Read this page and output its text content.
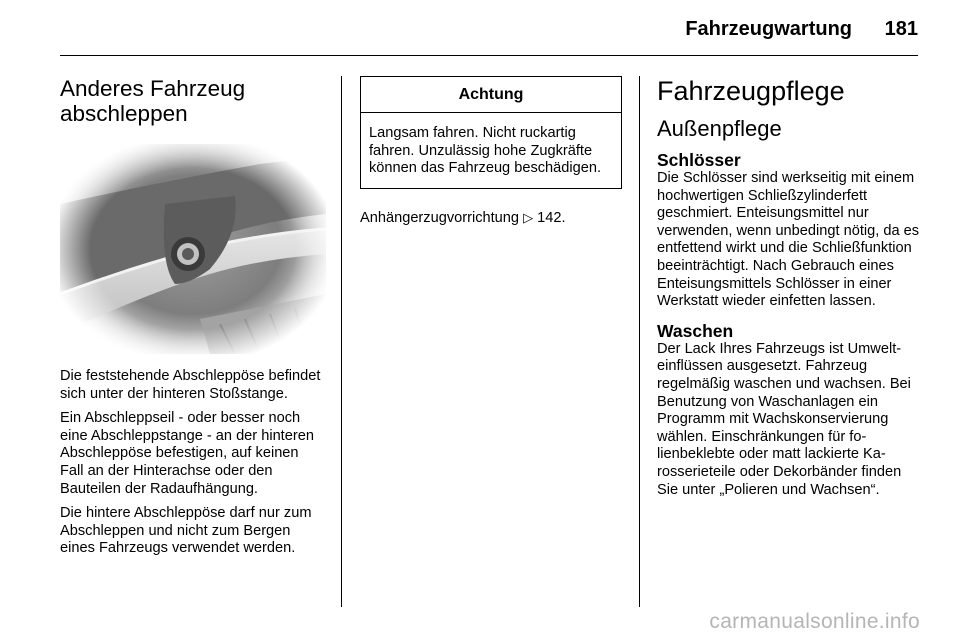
Fahrzeugwartung 181
Anderes Fahrzeug
abschleppen

Die feststehende Abschleppöse befindet sich unter der hinteren Stoßstange.

Ein Abschleppseil - oder besser noch eine Abschleppstange - an der hinteren Abschleppöse befestigen, auf keinen Fall an der Hinterachse oder den Bauteilen der Radaufhängung.

Die hintere Abschleppöse darf nur zum Abschleppen und nicht zum Bergen eines Fahrzeugs verwendet werden.

Achtung
Langsam fahren. Nicht ruckartig fahren. Unzulässig hohe Zugkräfte können das Fahrzeug beschädigen.

Anhängerzugvorrichtung ▷ 142.

Fahrzeugpflege
Außenpflege
Schlösser

Die Schlösser sind werkseitig mit einem hochwertigen Schließzylinderfett geschmiert. Enteisungsmittel nur verwenden, wenn unbedingt nötig, da es entfettend wirkt und die Schließfunktion beeinträchtigt. Nach Gebrauch eines Enteisungsmittels Schlösser in einer Werkstatt wieder einfetten lassen.

Waschen

Der Lack Ihres Fahrzeugs ist Umwelteinflüssen ausgesetzt. Fahrzeug regelmäßig waschen und wachsen. Bei Benutzung von Waschanlagen ein Programm mit Wachskonservierung wählen. Einschränkungen für folienbeklebte oder matt lackierte Karosserieteile oder Dekorbänder finden Sie unter „Polieren und Wachsen“.

carmanualsonline.info
